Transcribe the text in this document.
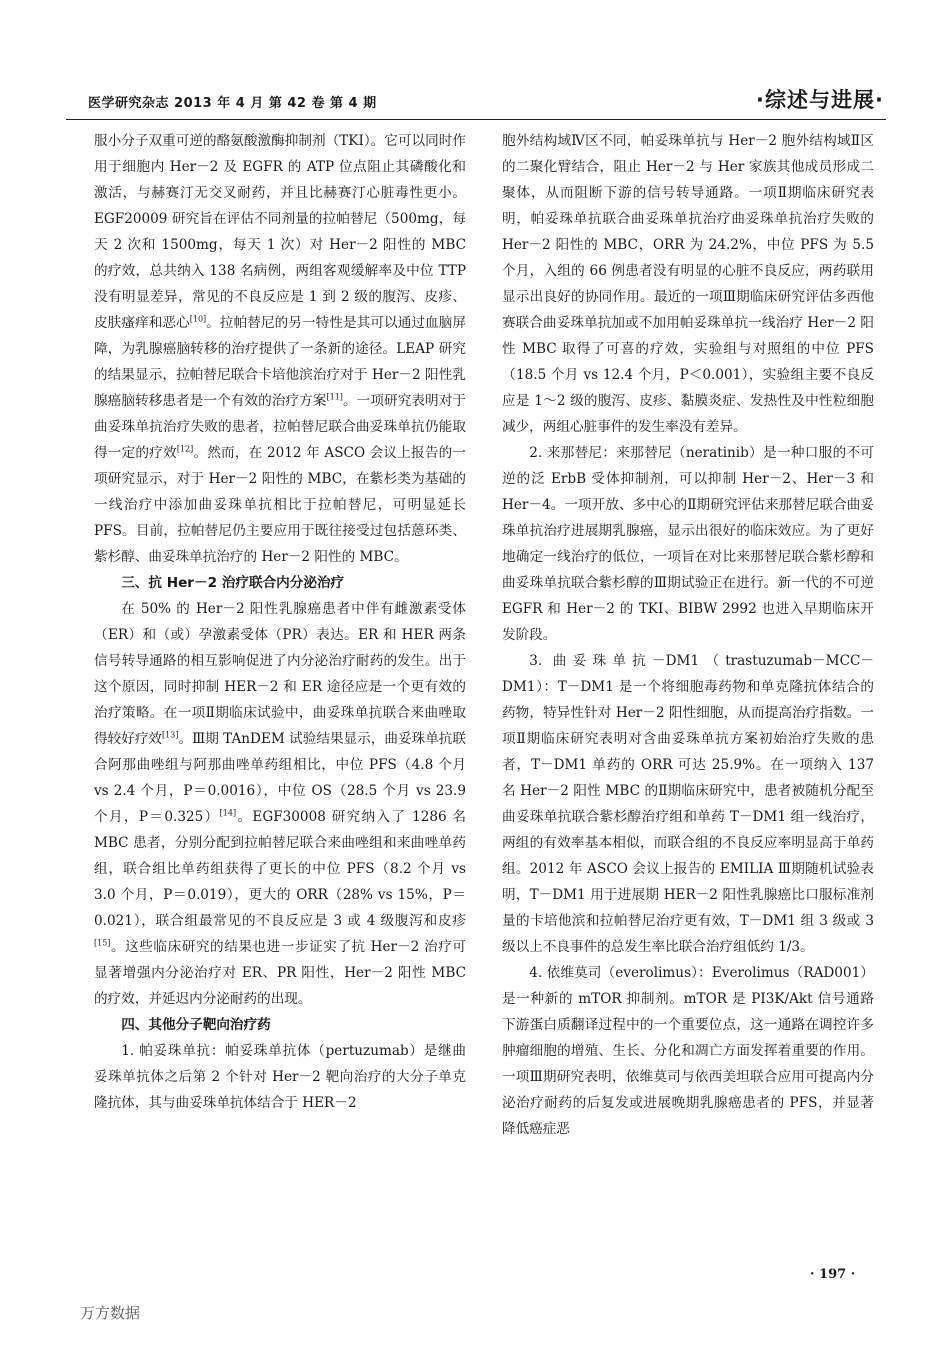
医学研究杂志 2013 年 4 月 第 42 卷 第 4 期	·综述与进展·

服小分子双重可逆的酪氨酸激酶抑制剂（TKI）。它可以同时作用于细胞内 Her－2 及 EGFR 的 ATP 位点阻止其磷酸化和激活，与赫赛汀无交叉耐药，并且比赫赛汀心脏毒性更小。EGF20009 研究旨在评估不同剂量的拉帕替尼（500mg，每天 2 次和 1500mg，每天 1 次）对 Her－2 阳性的 MBC 的疗效，总共纳入 138 名病例，两组客观缓解率及中位 TTP 没有明显差异，常见的不良反应是 1 到 2 级的腹泻、皮疹、皮肤瘙痒和恶心[10]。拉帕替尼的另一特性是其可以通过血脑屏障，为乳腺癌脑转移的治疗提供了一条新的途径。LEAP 研究的结果显示，拉帕替尼联合卡培他滨治疗对于 Her－2 阳性乳腺癌脑转移患者是一个有效的治疗方案[11]。一项研究表明对于曲妥珠单抗治疗失败的患者，拉帕替尼联合曲妥珠单抗仍能取得一定的疗效[12]。然而，在 2012 年 ASCO 会议上报告的一项研究显示，对于 Her－2 阳性的 MBC，在紫杉类为基础的一线治疗中添加曲妥珠单抗相比于拉帕替尼，可明显延长 PFS。目前，拉帕替尼仍主要应用于既往接受过包括蒽环类、紫杉醇、曲妥珠单抗治疗的 Her－2 阳性的 MBC。

三、抗 Her－2 治疗联合内分泌治疗

在 50% 的 Her－2 阳性乳腺癌患者中伴有雌激素受体（ER）和（或）孕激素受体（PR）表达。ER 和 HER 两条信号转导通路的相互影响促进了内分泌治疗耐药的发生。出于这个原因，同时抑制 HER－2 和 ER 途径应是一个更有效的治疗策略。在一项Ⅱ期临床试验中，曲妥珠单抗联合来曲唑取得较好疗效[13]。Ⅲ期 TAnDEM 试验结果显示，曲妥珠单抗联合阿那曲唑组与阿那曲唑单药组相比，中位 PFS（4.8 个月 vs 2.4 个月，P＝0.0016），中位 OS（28.5 个月 vs 23.9 个月，P＝0.325）[14]。EGF30008 研究纳入了 1286 名 MBC 患者，分别分配到拉帕替尼联合来曲唑组和来曲唑单药组，联合组比单药组获得了更长的中位 PFS（8.2 个月 vs 3.0 个月，P＝0.019），更大的 ORR（28% vs 15%，P＝0.021），联合组最常见的不良反应是 3 或 4 级腹泻和皮疹[15]。这些临床研究的结果也进一步证实了抗 Her－2 治疗可显著增强内分泌治疗对 ER、PR 阳性，Her－2 阳性 MBC 的疗效，并延迟内分泌耐药的出现。

四、其他分子靶向治疗药

1. 帕妥珠单抗：帕妥珠单抗体（pertuzumab）是继曲妥珠单抗体之后第 2 个针对 Her－2 靶向治疗的大分子单克隆抗体，其与曲妥珠单抗体结合于 HER－2

胞外结构域Ⅳ区不同，帕妥珠单抗与 Her－2 胞外结构域Ⅱ区的二聚化臂结合，阻止 Her－2 与 Her 家族其他成员形成二聚体，从而阻断下游的信号转导通路。一项Ⅱ期临床研究表明，帕妥珠单抗联合曲妥珠单抗治疗曲妥珠单抗治疗失败的 Her－2 阳性的 MBC，ORR 为 24.2%，中位 PFS 为 5.5 个月，入组的 66 例患者没有明显的心脏不良反应，两药联用显示出良好的协同作用。最近的一项Ⅲ期临床研究评估多西他赛联合曲妥珠单抗加或不加用帕妥珠单抗一线治疗 Her－2 阳性 MBC 取得了可喜的疗效，实验组与对照组的中位 PFS（18.5 个月 vs 12.4 个月，P＜0.001），实验组主要不良反应是 1～2 级的腹泻、皮疹、黏膜炎症、发热性及中性粒细胞减少，两组心脏事件的发生率没有差异。

2. 来那替尼：来那替尼（neratinib）是一种口服的不可逆的泛 ErbB 受体抑制剂，可以抑制 Her－2、Her－3 和 Her－4。一项开放、多中心的Ⅱ期研究评估来那替尼联合曲妥珠单抗治疗进展期乳腺癌，显示出很好的临床效应。为了更好地确定一线治疗的低位，一项旨在对比来那替尼联合紫杉醇和曲妥珠单抗联合紫杉醇的Ⅲ期试验正在进行。新一代的不可逆 EGFR 和 Her－2 的 TKI、BIBW 2992 也进入早期临床开发阶段。

3. 曲妥珠单抗－DM1（trastuzumab－MCC－DM1）：T－DM1 是一个将细胞毒药物和单克隆抗体结合的药物，特异性针对 Her－2 阳性细胞，从而提高治疗指数。一项Ⅱ期临床研究表明对含曲妥珠单抗方案初始治疗失败的患者，T－DM1 单药的 ORR 可达 25.9%。在一项纳入 137 名 Her－2 阳性 MBC 的Ⅱ期临床研究中，患者被随机分配至曲妥珠单抗联合紫杉醇治疗组和单药 T－DM1 组一线治疗，两组的有效率基本相似，而联合组的不良反应率明显高于单药组。2012 年 ASCO 会议上报告的 EMILIA Ⅲ期随机试验表明，T－DM1 用于进展期 HER－2 阳性乳腺癌比口服标准剂量的卡培他滨和拉帕替尼治疗更有效，T－DM1 组 3 级或 3 级以上不良事件的总发生率比联合治疗组低约 1/3。

4. 依维莫司（everolimus）：Everolimus（RAD001）是一种新的 mTOR 抑制剂。mTOR 是 PI3K/Akt 信号通路下游蛋白质翻译过程中的一个重要位点，这一通路在调控许多肿瘤细胞的增殖、生长、分化和凋亡方面发挥着重要的作用。一项Ⅲ期研究表明，依维莫司与依西美坦联合应用可提高内分泌治疗耐药的后复发或进展晚期乳腺癌患者的 PFS，并显著降低癌症恶

· 197 ·
万方数据
